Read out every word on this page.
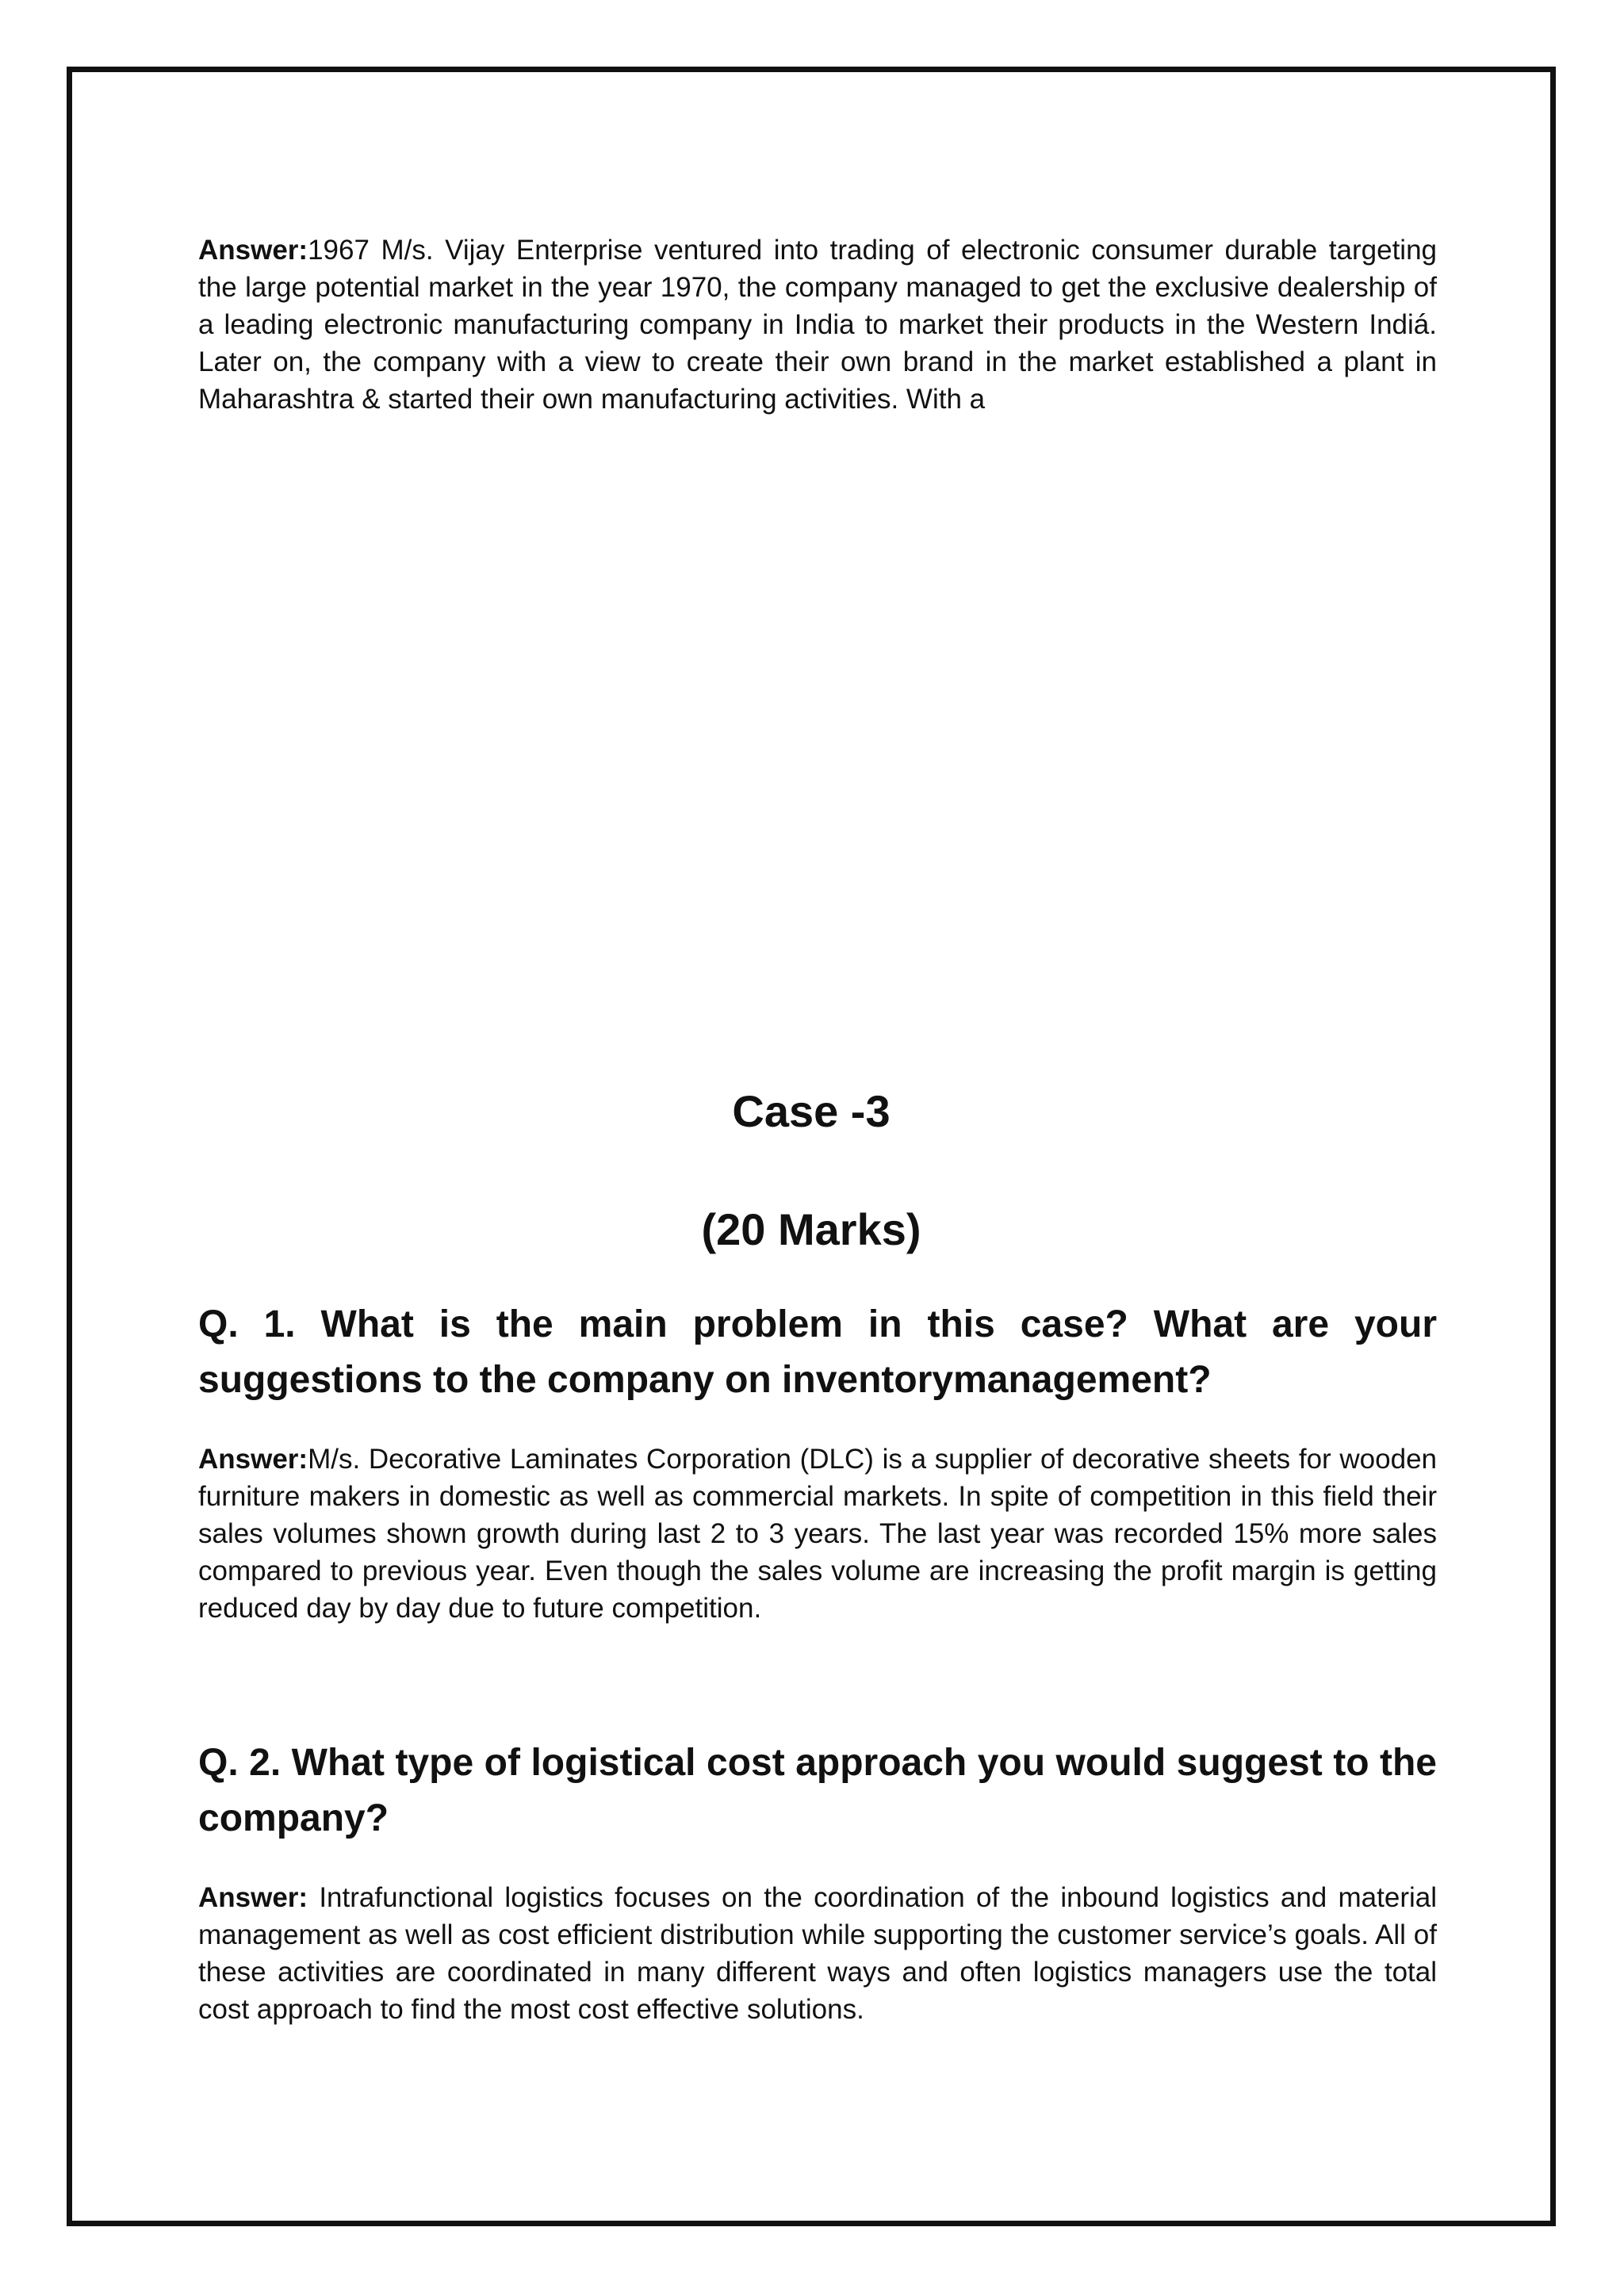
Answer:1967 M/s. Vijay Enterprise ventured into trading of electronic consumer durable targeting the large potential market in the year 1970, the company managed to get the exclusive dealership of a leading electronic manufacturing company in India to market their products in the Western Indiá. Later on, the company with a view to create their own brand in the market established a plant in Maharashtra & started their own manufacturing activities. With a

Case -3
(20 Marks)

Q. 1. What is the main problem in this case? What are your suggestions to the company on inventorymanagement?

Answer:M/s. Decorative Laminates Corporation (DLC) is a supplier of decorative sheets for wooden furniture makers in domestic as well as commercial markets. In spite of competition in this field their sales volumes shown growth during last 2 to 3 years. The last year was recorded 15% more sales compared to previous year. Even though the sales volume are increasing the profit margin is getting reduced day by day due to future competition.

Q. 2. What type of logistical cost approach you would suggest to the company?

Answer: Intrafunctional logistics focuses on the coordination of the inbound logistics and material management as well as cost efficient distribution while supporting the customer service’s goals. All of these activities are coordinated in many different ways and often logistics managers use the total cost approach to find the most cost effective solutions.
